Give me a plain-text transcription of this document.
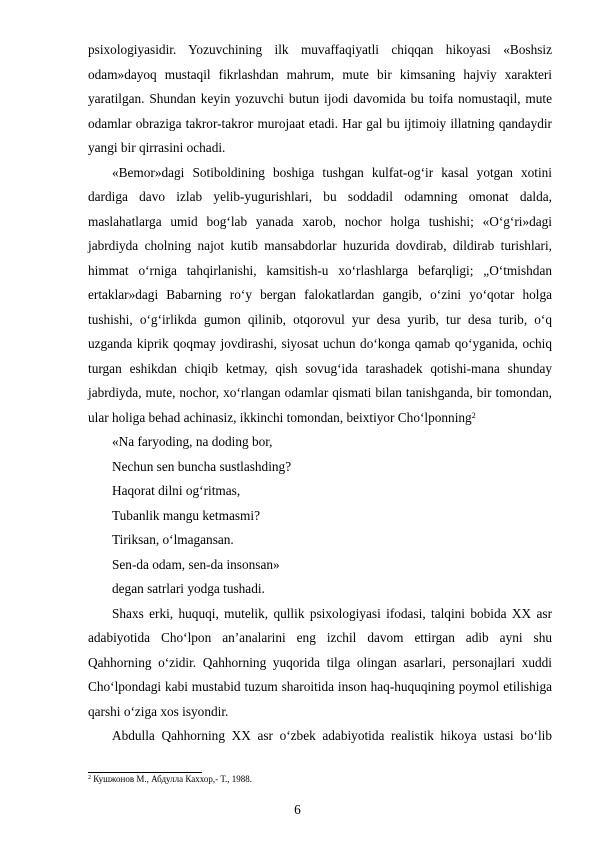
psixologiyasidir. Yozuvchining ilk muvaffaqiyatli chiqqan hikoyasi «Boshsiz
odam»dayoq mustaqil fikrlashdan mahrum, mute bir kimsaning hajviy xarakteri
yaratilgan. Shundan keyin yozuvchi butun ijodi davomida bu toifa nomustaqil, mute
odamlar obraziga takror-takror murojaat etadi. Har gal bu ijtimoiy illatning qandaydir
yangi bir qirrasini ochadi.
«Bemor»dagi Sotiboldining boshiga tushgan kulfat-og‘ir kasal yotgan xotini
dardiga davo izlab yelib-yugurishlari, bu soddadil odamning omonat dalda,
maslahatlarga umid bog‘lab yanada xarob, nochor holga tushishi; «O‘g‘ri»dagi
jabrdiyda cholning najot kutib mansabdorlar huzurida dovdirab, dildirab turishlari,
himmat o‘rniga tahqirlanishi, kamsitish-u xo‘rlashlarga befarqligi; „O‘tmishdan
ertaklar»dagi Babarning ro‘y bergan falokatlardan gangib, o‘zini yo‘qotar holga
tushishi, o‘g‘irlikda gumon qilinib, otqorovul yur desa yurib, tur desa turib, o‘q
uzganda kiprik qoqmay jovdirashi, siyosat uchun do‘konga qamab qo‘yganida, ochiq
turgan eshikdan chiqib ketmay, qish sovug‘ida tarashadek qotishi-mana shunday
jabrdiyda, mute, nochor, xo‘rlangan odamlar qismati bilan tanishganda, bir tomondan,
ular holiga behad achinasiz, ikkinchi tomondan, beixtiyor Cho‘lponning$^2$
«Na faryoding, na doding bor,
Nechun sen buncha sustlashding?
Haqorat dilni og‘ritmas,
Tubanlik mangu ketmasmi?
Tiriksan, o‘lmagansan.
Sen-da odam, sen-da insonsan»
degan satrlari yodga tushadi.
Shaxs erki, huquqi, mutelik, qullik psixologiyasi ifodasi, talqini bobida XX asr
adabiyotida Cho‘lpon an’analarini eng izchil davom ettirgan adib ayni shu
Qahhorning o‘zidir. Qahhorning yuqorida tilga olingan asarlari, personajlari xuddi
Cho‘lpondagi kabi mustabid tuzum sharoitida inson haq-huquqining poymol etilishiga
qarshi o‘ziga xos isyondir.
Abdulla Qahhorning XX asr o‘zbek adabiyotida realistik hikoya ustasi bo‘lib
$^2$ Кушжонов М., Абдулла Каххор,- Т., 1988.
6
